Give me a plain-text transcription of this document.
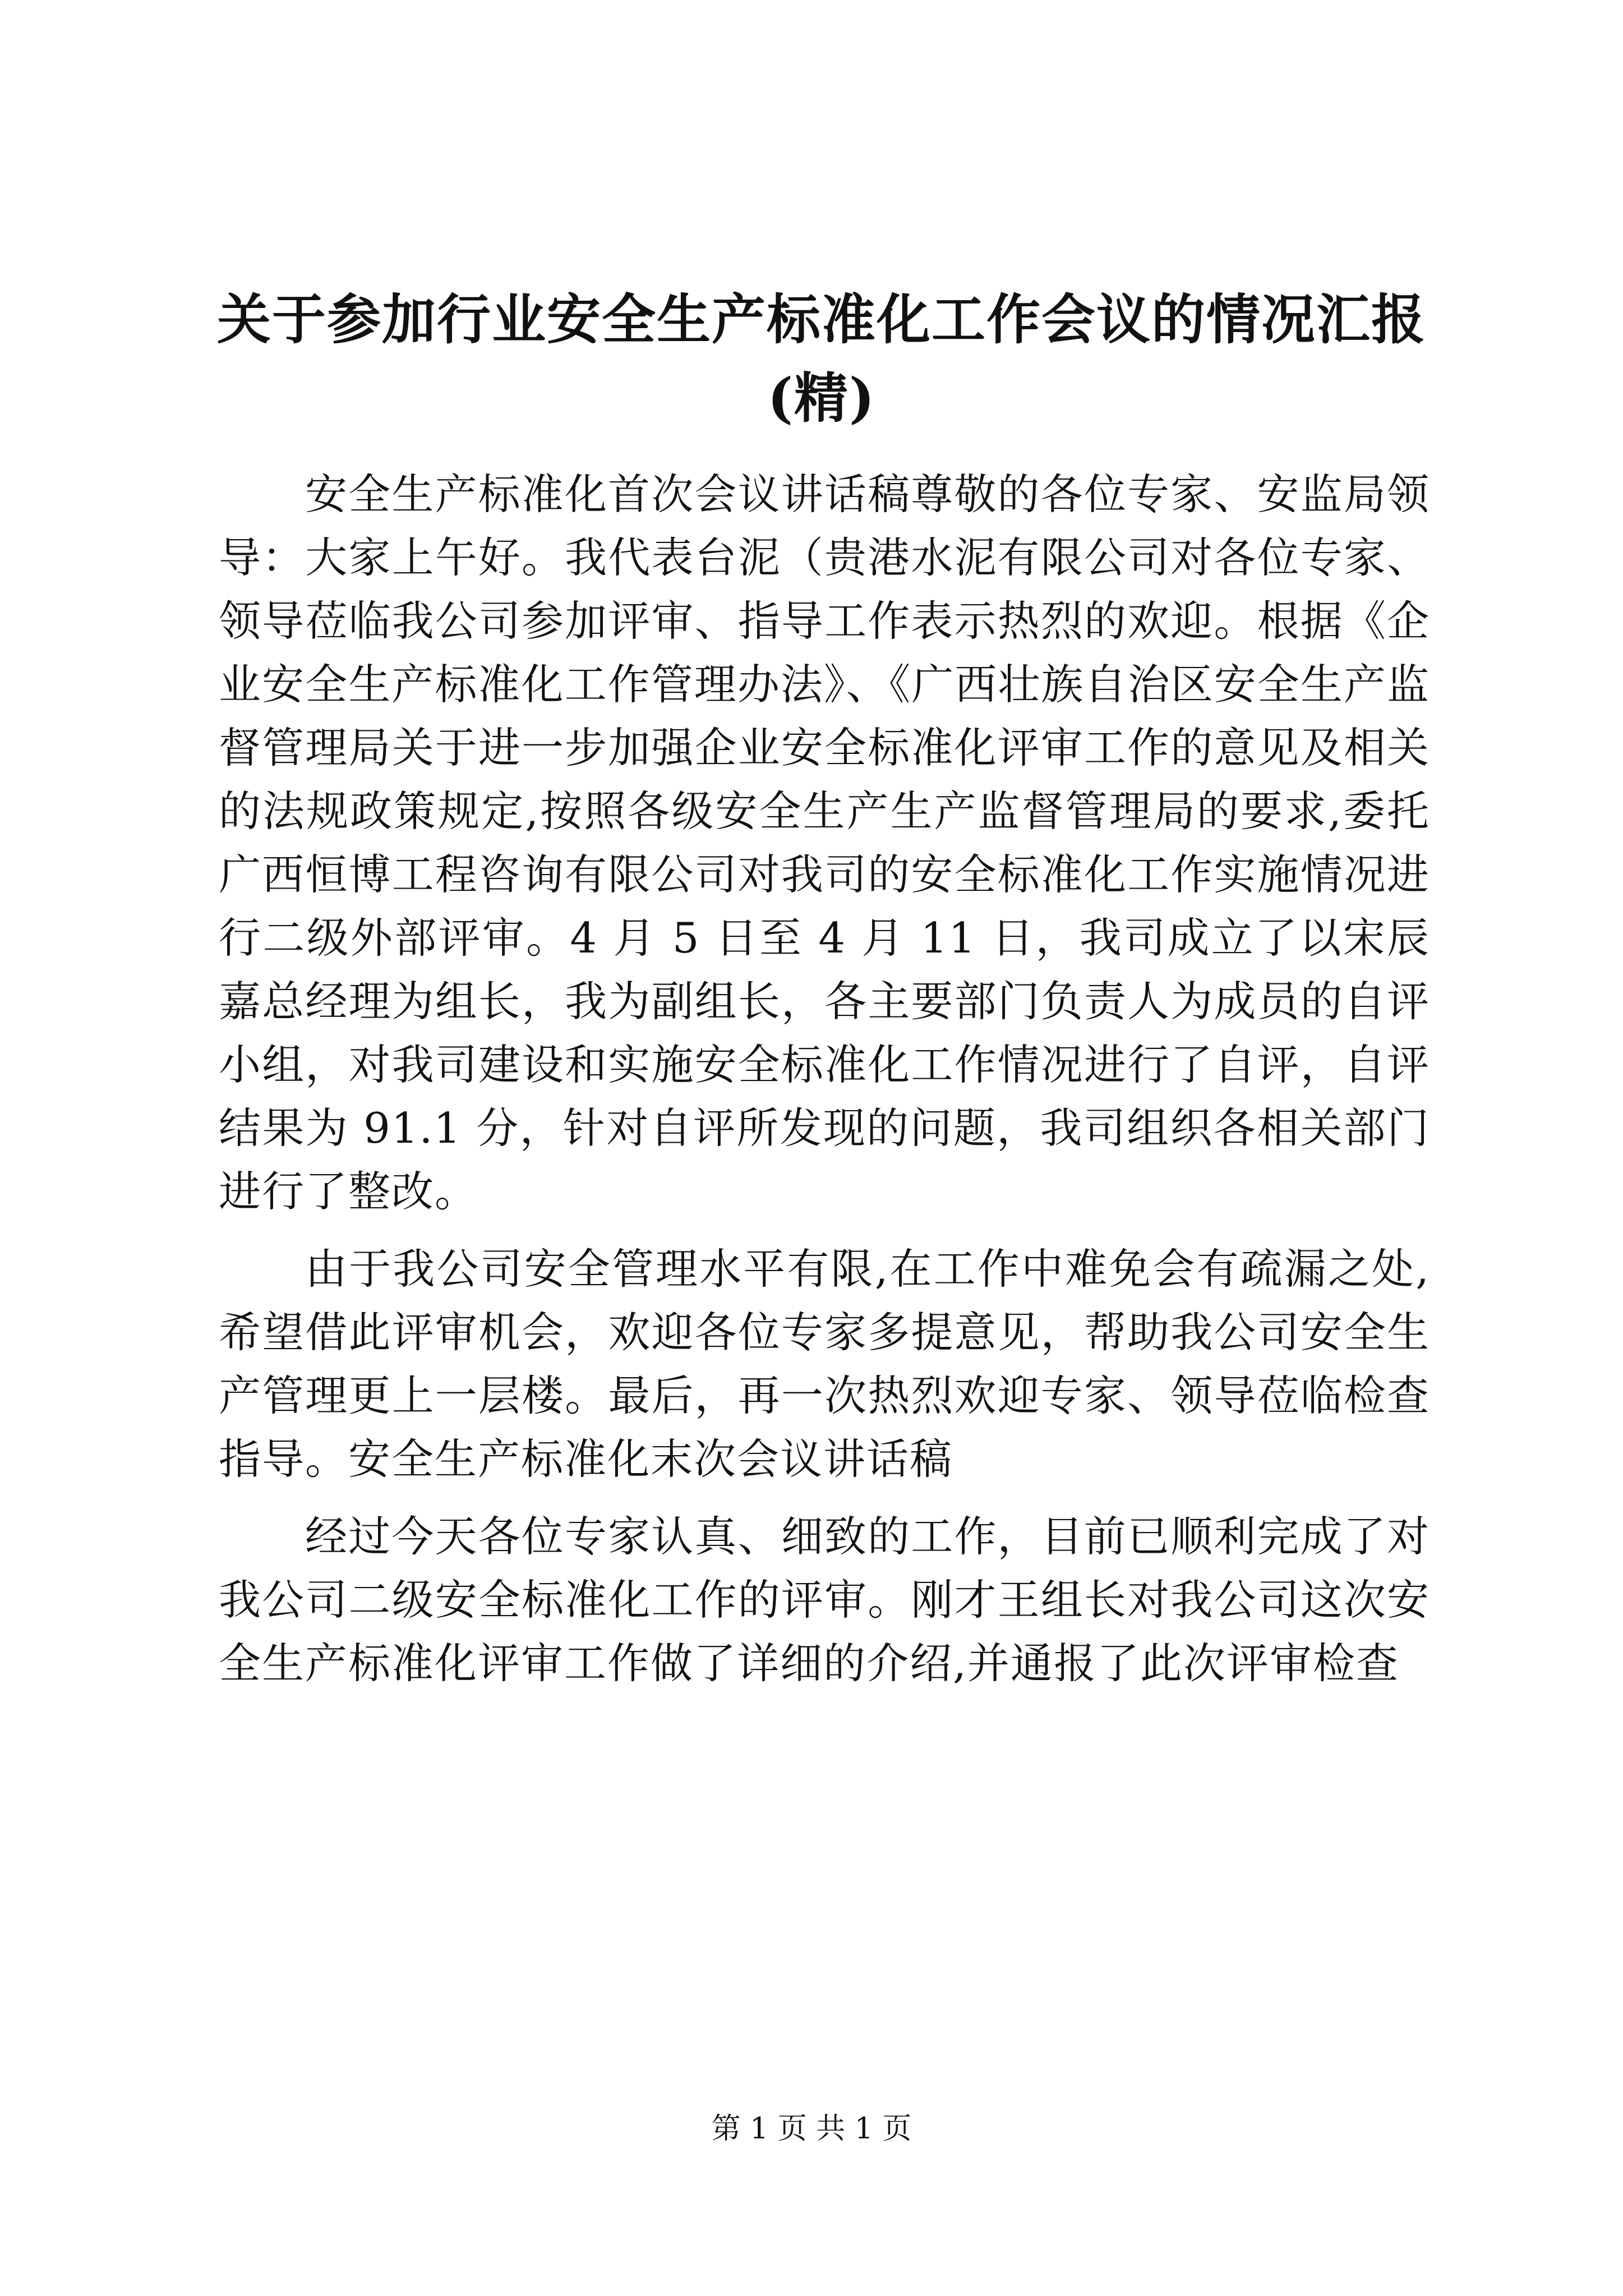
关于参加行业安全生产标准化工作会议的情况汇报(精)

安全生产标准化首次会议讲话稿尊敬的各位专家、安监局领导：大家上午好。我代表台泥（贵港水泥有限公司对各位专家、领导莅临我公司参加评审、指导工作表示热烈的欢迎。根据《企业安全生产标准化工作管理办法》、《广西壮族自治区安全生产监督管理局关于进一步加强企业安全标准化评审工作的意见及相关的法规政策规定,按照各级安全生产生产监督管理局的要求,委托广西恒博工程咨询有限公司对我司的安全标准化工作实施情况进行二级外部评审。4 月 5 日至 4 月 11 日，我司成立了以宋辰嘉总经理为组长，我为副组长，各主要部门负责人为成员的自评小组，对我司建设和实施安全标准化工作情况进行了自评，自评结果为 91.1 分，针对自评所发现的问题，我司组织各相关部门进行了整改。

由于我公司安全管理水平有限,在工作中难免会有疏漏之处,希望借此评审机会，欢迎各位专家多提意见，帮助我公司安全生产管理更上一层楼。最后，再一次热烈欢迎专家、领导莅临检查指导。安全生产标准化末次会议讲话稿

经过今天各位专家认真、细致的工作，目前已顺利完成了对我公司二级安全标准化工作的评审。刚才王组长对我公司这次安全生产标准化评审工作做了详细的介绍,并通报了此次评审检查

第 1 页 共 1 页
